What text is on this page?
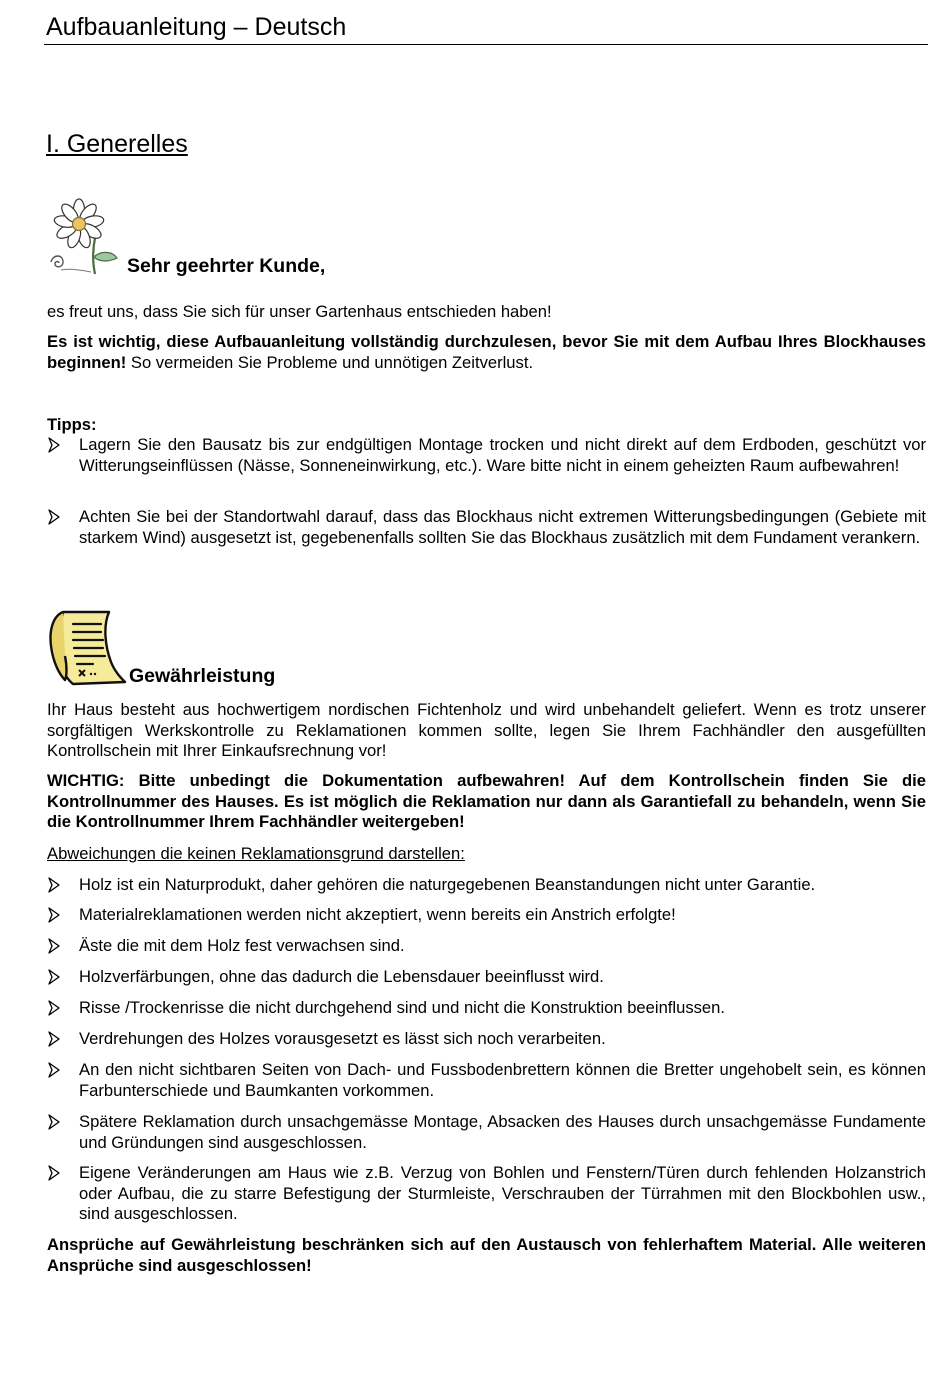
Aufbauanleitung – Deutsch
I. Generelles
Sehr geehrter Kunde,
es freut uns, dass Sie sich für unser Gartenhaus entschieden haben!
Es ist wichtig, diese Aufbauanleitung vollständig durchzulesen, bevor Sie mit dem Aufbau Ihres Blockhauses beginnen! So vermeiden Sie Probleme und unnötigen Zeitverlust.
Tipps:
Lagern Sie den Bausatz bis zur endgültigen Montage trocken und nicht direkt auf dem Erdboden, geschützt vor Witterungseinflüssen (Nässe, Sonneneinwirkung, etc.). Ware bitte nicht in einem geheizten Raum aufbewahren!
Achten Sie bei der Standortwahl darauf, dass das Blockhaus nicht extremen Witterungsbedingungen (Gebiete mit starkem Wind) ausgesetzt ist, gegebenenfalls sollten Sie das Blockhaus zusätzlich mit dem Fundament verankern.
Gewährleistung
Ihr Haus besteht aus hochwertigem nordischen Fichtenholz und wird unbehandelt geliefert. Wenn es trotz unserer sorgfältigen Werkskontrolle zu Reklamationen kommen sollte, legen Sie Ihrem Fachhändler den ausgefüllten Kontrollschein mit Ihrer Einkaufsrechnung vor!
WICHTIG: Bitte unbedingt die Dokumentation aufbewahren! Auf dem Kontrollschein finden Sie die Kontrollnummer des Hauses. Es ist möglich die Reklamation nur dann als Garantiefall zu behandeln, wenn Sie die Kontrollnummer Ihrem Fachhändler weitergeben!
Abweichungen die keinen Reklamationsgrund darstellen:
Holz ist ein Naturprodukt, daher gehören die naturgegebenen Beanstandungen nicht unter Garantie.
Materialreklamationen werden nicht akzeptiert, wenn bereits ein Anstrich erfolgte!
Äste die mit dem Holz fest verwachsen sind.
Holzverfärbungen, ohne das dadurch die Lebensdauer beeinflusst wird.
Risse /Trockenrisse die nicht durchgehend sind und nicht die Konstruktion beeinflussen.
Verdrehungen des Holzes vorausgesetzt es lässt sich noch verarbeiten.
An den nicht sichtbaren Seiten von Dach- und Fussbodenbrettern können die Bretter ungehobelt sein, es können Farbunterschiede und Baumkanten vorkommen.
Spätere Reklamation durch unsachgemässe Montage, Absacken des Hauses durch unsachgemässe Fundamente und Gründungen sind ausgeschlossen.
Eigene Veränderungen am Haus wie z.B. Verzug von Bohlen und Fenstern/Türen durch fehlenden Holzanstrich oder Aufbau, die zu starre Befestigung der Sturmleiste, Verschrauben der Türrahmen mit den Blockbohlen usw., sind ausgeschlossen.
Ansprüche auf Gewährleistung beschränken sich auf den Austausch von fehlerhaftem Material. Alle weiteren Ansprüche sind ausgeschlossen!
